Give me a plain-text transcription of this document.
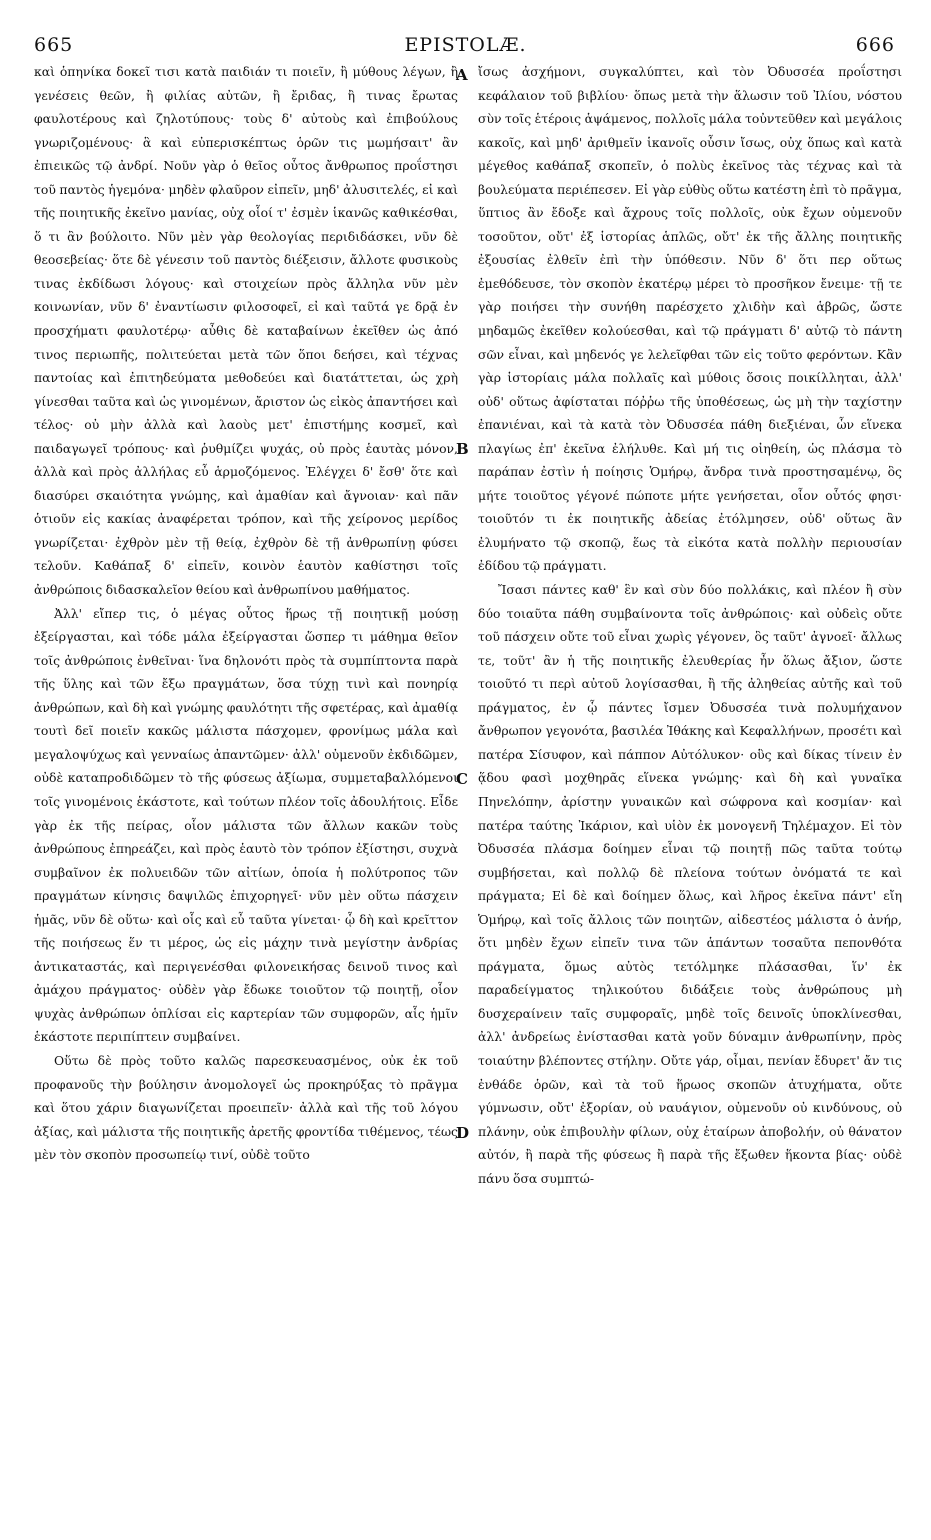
665	EPISTOLÆ.	666

καὶ ὁπηνίκα δοκεῖ τισι κατὰ παιδιάν τι ποιεῖν, ἢ μύθους λέγων, ἢ γενέσεις θεῶν, ἢ φιλίας αὐτῶν, ἢ ἔριδας, ἢ τινας ἔρωτας φαυλοτέρους καὶ ζηλοτύπους· τοὺς δ' αὐτοὺς καὶ ἐπιβούλους γνωριζομένους· ἃ καὶ εὐπερισκέπτως ὁρῶν τις μωμήσαιτ' ἂν ἐπιεικῶς τῷ ἀνδρί. Νοῦν γὰρ ὁ θεῖος οὗτος ἄνθρωπος προΐστησι τοῦ παντὸς ἡγεμόνα· μηδὲν φλαῦρον εἰπεῖν, μηδ' ἀλυσιτελές, εἰ καὶ τῆς ποιητικῆς ἐκεῖνο μανίας, οὐχ οἷοί τ' ἐσμὲν ἱκανῶς καθικέσθαι, ὅ τι ἂν βούλοιτο. Νῦν μὲν γὰρ θεολογίας περιδιδάσκει, νῦν δὲ θεοσεβείας· ὅτε δὲ γένεσιν τοῦ παντὸς διέξεισιν, ἄλλοτε φυσικοὺς τινας ἐκδίδωσι λόγους· καὶ στοιχείων πρὸς ἄλληλα νῦν μὲν κοινωνίαν, νῦν δ' ἐναντίωσιν φιλοσοφεῖ, εἰ καὶ ταῦτά γε δρᾷ ἐν προσχήματι φαυλοτέρῳ· αὖθις δὲ καταβαίνων ἐκεῖθεν ὡς ἀπό τινος περιωπῆς, πολιτεύεται μετὰ τῶν ὅποι δεήσει, καὶ τέχνας παντοίας καὶ ἐπιτηδεύματα μεθοδεύει καὶ διατάττεται, ὡς χρὴ γίνεσθαι ταῦτα καὶ ὡς γινομένων, ἄριστον ὡς εἰκὸς ἀπαντήσει καὶ τέλος· οὐ μὴν ἀλλὰ καὶ λαοὺς μετ' ἐπιστήμης κοσμεῖ, καὶ παιδαγωγεῖ τρόπους· καὶ ῥυθμίζει ψυχάς, οὐ πρὸς ἑαυτὰς μόνον, ἀλλὰ καὶ πρὸς ἀλλήλας εὖ ἁρμοζόμενος. Ἐλέγχει δ' ἔσθ' ὅτε καὶ διασύρει σκαιότητα γνώμης, καὶ ἀμαθίαν καὶ ἄγνοιαν· καὶ πᾶν ὁτιοῦν εἰς κακίας ἀναφέρεται τρόπον, καὶ τῆς χείρονος μερίδος γνωρίζεται· ἐχθρὸν μὲν τῇ θείᾳ, ἐχθρὸν δὲ τῇ ἀνθρωπίνῃ φύσει τελοῦν. Καθάπαξ δ' εἰπεῖν, κοινὸν ἑαυτὸν καθίστησι τοῖς ἀνθρώποις διδασκαλεῖον θείου καὶ ἀνθρωπίνου μαθήματος.

Ἀλλ' εἴπερ τις, ὁ μέγας οὗτος ἥρως τῇ ποιητικῇ μούσῃ ἐξείργασται, καὶ τόδε μάλα ἐξείργασται ὥσπερ τι μάθημα θεῖον τοῖς ἀνθρώποις ἐνθεῖναι· ἵνα δηλονότι πρὸς τὰ συμπίπτοντα παρὰ τῆς ὕλης καὶ τῶν ἔξω πραγμάτων, ὅσα τύχῃ τινὶ καὶ πονηρίᾳ ἀνθρώπων, καὶ δὴ καὶ γνώμης φαυλότητι τῆς σφετέρας, καὶ ἀμαθίᾳ τουτὶ δεῖ ποιεῖν κακῶς μάλιστα πάσχομεν, φρονίμως μάλα καὶ μεγαλοψύχως καὶ γενναίως ἀπαντῶμεν· ἀλλ' οὐμενοῦν ἐκδιδῶμεν, οὐδὲ καταπροδιδῶμεν τὸ τῆς φύσεως ἀξίωμα, συμμεταβαλλόμενοι τοῖς γινομένοις ἑκάστοτε, καὶ τούτων πλέον τοῖς ἀδουλήτοις. Εἶδε γὰρ ἐκ τῆς πείρας, οἷον μάλιστα τῶν ἄλλων κακῶν τοὺς ἀνθρώπους ἐπηρεάζει, καὶ πρὸς ἑαυτὸ τὸν τρόπον ἐξίστησι, συχνὰ συμβαῖνον ἐκ πολυειδῶν τῶν αἰτίων, ὁποία ἡ πολύτροπος τῶν πραγμάτων κίνησις δαψιλῶς ἐπιχορηγεῖ· νῦν μὲν οὕτω πάσχειν ἡμᾶς, νῦν δὲ οὕτω· καὶ οἷς καὶ εὖ ταῦτα γίνεται· ᾧ δὴ καὶ κρεῖττον τῆς ποιήσεως ἕν τι μέρος, ὡς εἰς μάχην τινὰ μεγίστην ἀνδρίας ἀντικαταστάς, καὶ περιγενέσθαι φιλονεικήσας δεινοῦ τινος καὶ ἀμάχου πράγματος· οὐδὲν γὰρ ἔδωκε τοιοῦτον τῷ ποιητῇ, οἷον ψυχὰς ἀνθρώπων ὁπλίσαι εἰς καρτερίαν τῶν συμφορῶν, αἷς ἡμῖν ἑκάστοτε περιπίπτειν συμβαίνει.

Οὕτω δὲ πρὸς τοῦτο καλῶς παρεσκευασμένος, οὐκ ἐκ τοῦ προφανοῦς τὴν βούλησιν ἀνομολογεῖ ὡς προκηρύξας τὸ πρᾶγμα καὶ ὅτου χάριν διαγωνίζεται προειπεῖν· ἀλλὰ καὶ τῆς τοῦ λόγου ἀξίας, καὶ μάλιστα τῆς ποιητικῆς ἀρετῆς φροντίδα τιθέμενος, τέως μὲν τὸν σκοπὸν προσωπείῳ τινί, οὐδὲ τοῦτο

A
B
C
D

ἴσως ἀσχήμονι, συγκαλύπτει, καὶ τὸν Ὀδυσσέα προΐστησι κεφάλαιον τοῦ βιβλίου· ὅπως μετὰ τὴν ἅλωσιν τοῦ Ἰλίου, νόστου σὺν τοῖς ἑτέροις ἁψάμενος, πολλοῖς μάλα τοὐντεῦθεν καὶ μεγάλοις κακοῖς, καὶ μηδ' ἀριθμεῖν ἱκανοῖς οὖσιν ἴσως, οὐχ ὅπως καὶ κατὰ μέγεθος καθάπαξ σκοπεῖν, ὁ πολὺς ἐκεῖνος τὰς τέχνας καὶ τὰ βουλεύματα περιέπεσεν. Εἰ γὰρ εὐθὺς οὕτω κατέστη ἐπὶ τὸ πρᾶγμα, ὕπτιος ἂν ἔδοξε καὶ ἄχρους τοῖς πολλοῖς, οὐκ ἔχων οὐμενοῦν τοσοῦτον, οὔτ' ἐξ ἱστορίας ἁπλῶς, οὔτ' ἐκ τῆς ἄλλης ποιητικῆς ἐξουσίας ἐλθεῖν ἐπὶ τὴν ὑπόθεσιν. Νῦν δ' ὅτι περ οὕτως ἐμεθόδευσε, τὸν σκοπὸν ἑκατέρῳ μέρει τὸ προσῆκον ἔνειμε· τῇ τε γὰρ ποιήσει τὴν συνήθη παρέσχετο χλιδὴν καὶ ἁβρῶς, ὥστε μηδαμῶς ἐκεῖθεν κολούεσθαι, καὶ τῷ πράγματι δ' αὐτῷ τὸ πάντη σῶν εἶναι, καὶ μηδενός γε λελεῖφθαι τῶν εἰς τοῦτο φερόντων. Κἂν γὰρ ἱστορίαις μάλα πολλαῖς καὶ μύθοις ὅσοις ποικίλληται, ἀλλ' οὐδ' οὕτως ἀφίσταται πόῤῥω τῆς ὑποθέσεως, ὡς μὴ τὴν ταχίστην ἐπανιέναι, καὶ τὰ κατὰ τὸν Ὀδυσσέα πάθη διεξιέναι, ὧν εἵνεκα πλαγίως ἐπ' ἐκεῖνα ἐλήλυθε. Καὶ μή τις οἰηθείη, ὡς πλάσμα τὸ παράπαν ἐστὶν ἡ ποίησις Ὁμήρῳ, ἄνδρα τινὰ προστησαμένῳ, ὃς μήτε τοιοῦτος γέγονέ πώποτε μήτε γενήσεται, οἷον οὗτός φησι· τοιοῦτόν τι ἐκ ποιητικῆς ἀδείας ἐτόλμησεν, οὐδ' οὕτως ἂν ἐλυμήνατο τῷ σκοπῷ, ἕως τὰ εἰκότα κατὰ πολλὴν περιουσίαν ἐδίδου τῷ πράγματι.

Ἴσασι πάντες καθ' ἓν καὶ σὺν δύο πολλάκις, καὶ πλέον ἢ σὺν δύο τοιαῦτα πάθη συμβαίνοντα τοῖς ἀνθρώποις· καὶ οὐδεὶς οὔτε τοῦ πάσχειν οὔτε τοῦ εἶναι χωρὶς γέγονεν, ὃς ταῦτ' ἀγνοεῖ· ἄλλως τε, τοῦτ' ἂν ἡ τῆς ποιητικῆς ἐλευθερίας ἦν ὅλως ἄξιον, ὥστε τοιοῦτό τι περὶ αὐτοῦ λογίσασθαι, ἢ τῆς ἀληθείας αὐτῆς καὶ τοῦ πράγματος, ἐν ᾧ πάντες ἴσμεν Ὀδυσσέα τινὰ πολυμήχανον ἄνθρωπον γεγονότα, βασιλέα Ἰθάκης καὶ Κεφαλλήνων, προσέτι καὶ πατέρα Σίσυφον, καὶ πάππον Αὐτόλυκον· οὓς καὶ δίκας τίνειν ἐν ᾅδου φασὶ μοχθηρᾶς εἵνεκα γνώμης· καὶ δὴ καὶ γυναῖκα Πηνελόπην, ἀρίστην γυναικῶν καὶ σώφρονα καὶ κοσμίαν· καὶ πατέρα ταύτης Ἰκάριον, καὶ υἱὸν ἐκ μονογενῆ Τηλέμαχον. Εἰ τὸν Ὀδυσσέα πλάσμα δοίημεν εἶναι τῷ ποιητῇ πῶς ταῦτα τούτῳ συμβήσεται, καὶ πολλῷ δὲ πλείονα τούτων ὀνόματά τε καὶ πράγματα; Εἰ δὲ καὶ δοίημεν ὅλως, καὶ λῆρος ἐκεῖνα πάντ' εἴη Ὁμήρῳ, καὶ τοῖς ἄλλοις τῶν ποιητῶν, αἰδεστέος μάλιστα ὁ ἀνήρ, ὅτι μηδὲν ἔχων εἰπεῖν τινα τῶν ἁπάντων τοσαῦτα πεπονθότα πράγματα, ὅμως αὐτὸς τετόλμηκε πλάσασθαι, ἵν' ἐκ παραδείγματος τηλικούτου διδάξειε τοὺς ἀνθρώπους μὴ δυσχεραίνειν ταῖς συμφοραῖς, μηδὲ τοῖς δεινοῖς ὑποκλίνεσθαι, ἀλλ' ἀνδρείως ἐνίστασθαι κατὰ γοῦν δύναμιν ἀνθρωπίνην, πρὸς τοιαύτην βλέποντες στήλην. Οὔτε γάρ, οἶμαι, πενίαν ἔδυρετ' ἄν τις ἐνθάδε ὁρῶν, καὶ τὰ τοῦ ἥρωος σκοπῶν ἀτυχήματα, οὔτε γύμνωσιν, οὔτ' ἐξορίαν, οὐ ναυάγιον, οὐμενοῦν οὐ κινδύνους, οὐ πλάνην, οὐκ ἐπιβουλὴν φίλων, οὐχ ἑταίρων ἀποβολήν, οὐ θάνατον αὐτόν, ἢ παρὰ τῆς φύσεως ἢ παρὰ τῆς ἔξωθεν ἥκοντα βίας· οὐδὲ πάνυ ὅσα συμπτώ-
